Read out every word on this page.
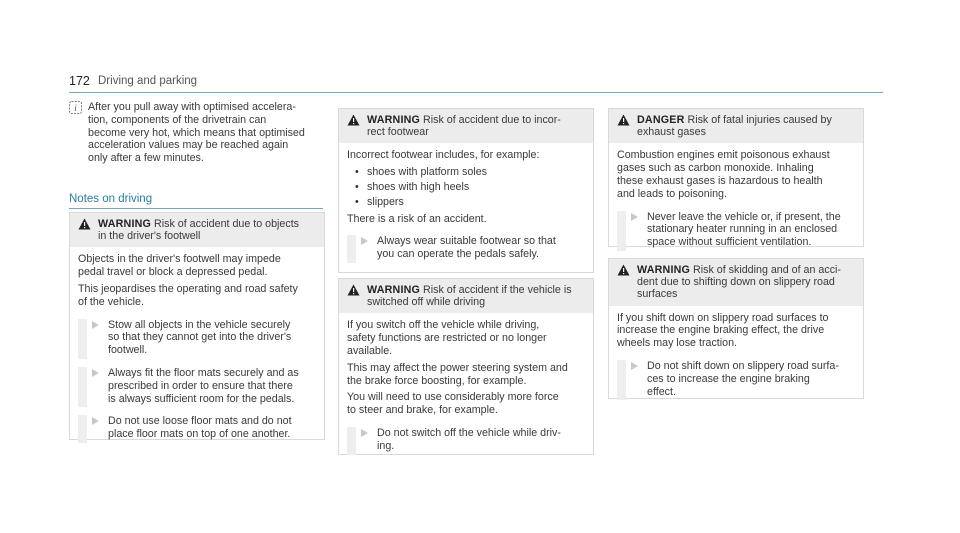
172 Driving and parking
i After you pull away with optimised accelera-
tion, components of the drivetrain can
become very hot, which means that optimised
acceleration values may be reached again
only after a few minutes.
Notes on driving
WARNING Risk of accident due to objects
in the driver's footwell

Objects in the driver's footwell may impede
pedal travel or block a depressed pedal.

This jeopardises the operating and road safety
of the vehicle.

Stow all objects in the vehicle securely
so that they cannot get into the driver's
footwell.
Always fit the floor mats securely and as
prescribed in order to ensure that there
is always sufficient room for the pedals.
Do not use loose floor mats and do not
place floor mats on top of one another.
WARNING Risk of accident due to incor-
rect footwear

Incorrect footwear includes, for example:

• shoes with platform soles
• shoes with high heels
• slippers

There is a risk of an accident.

Always wear suitable footwear so that
you can operate the pedals safely.
WARNING Risk of accident if the vehicle is
switched off while driving

If you switch off the vehicle while driving,
safety functions are restricted or no longer
available.

This may affect the power steering system and
the brake force boosting, for example.

You will need to use considerably more force
to steer and brake, for example.

Do not switch off the vehicle while driv-
ing.
DANGER Risk of fatal injuries caused by
exhaust gases

Combustion engines emit poisonous exhaust
gases such as carbon monoxide. Inhaling
these exhaust gases is hazardous to health
and leads to poisoning.

Never leave the vehicle or, if present, the
stationary heater running in an enclosed
space without sufficient ventilation.
WARNING Risk of skidding and of an acci-
dent due to shifting down on slippery road
surfaces

If you shift down on slippery road surfaces to
increase the engine braking effect, the drive
wheels may lose traction.

Do not shift down on slippery road surfa-
ces to increase the engine braking
effect.
